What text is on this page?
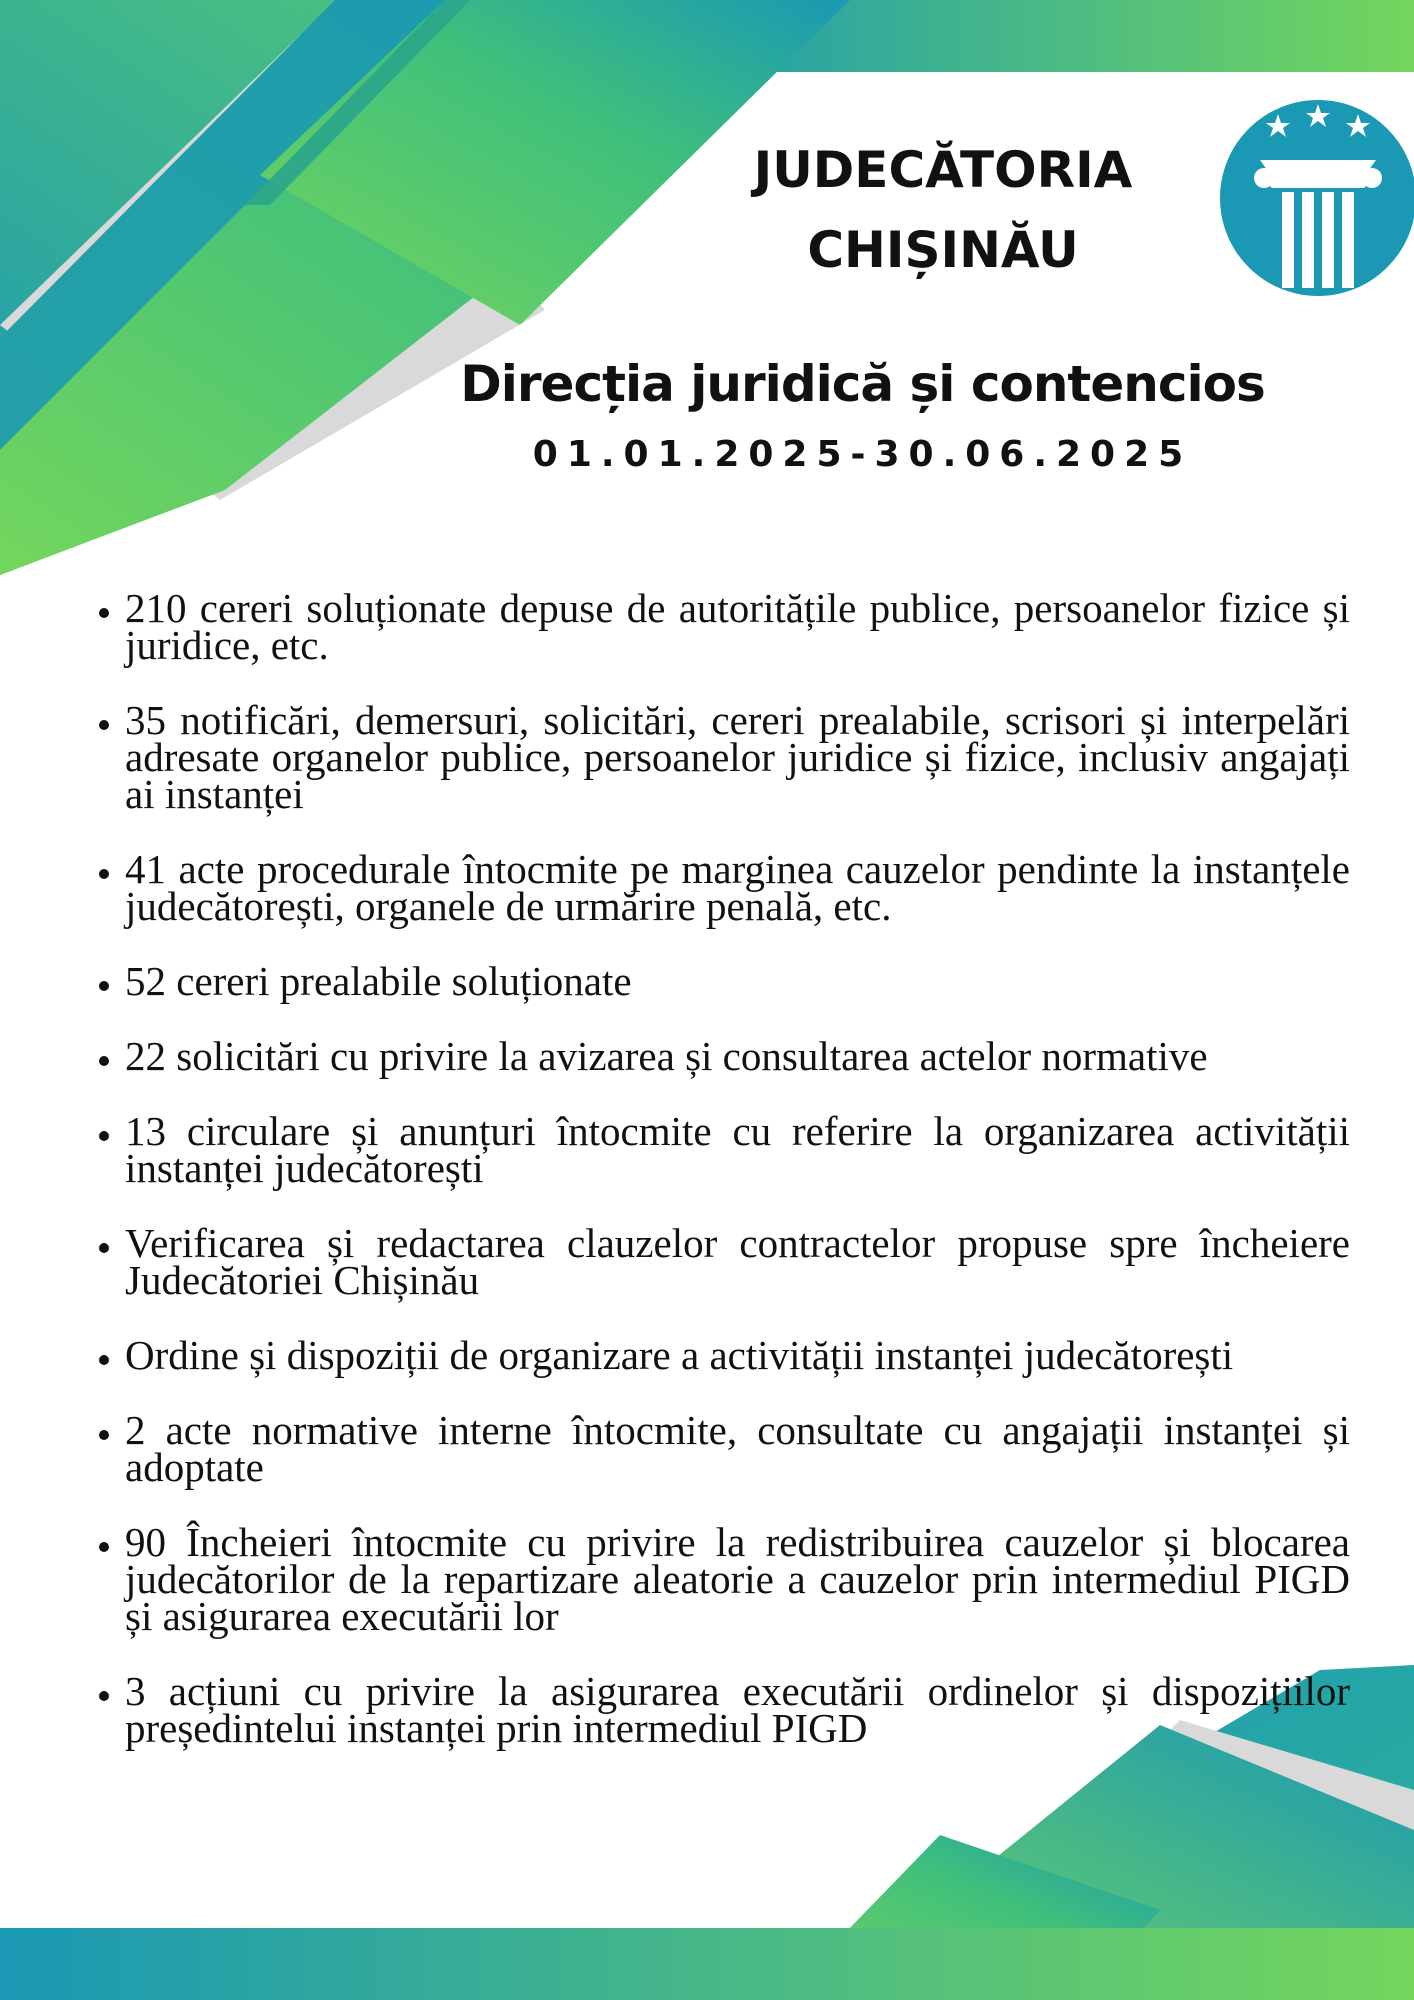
JUDECĂTORIA
CHIȘINĂU
Direcția juridică și contencios
01.01.2025-30.06.2025
• 210 cereri soluționate depuse de autoritățile publice, persoanelor fizice și juridice, etc.
• 35 notificări, demersuri, solicitări, cereri prealabile, scrisori și interpelări adresate organelor publice, persoanelor juridice și fizice, inclusiv angajați ai instanței
• 41 acte procedurale întocmite pe marginea cauzelor pendinte la instanțele judecătorești, organele de urmărire penală, etc.
• 52 cereri prealabile soluționate
• 22 solicitări cu privire la avizarea și consultarea actelor normative
• 13 circulare și anunțuri întocmite cu referire la organizarea activității instanței judecătorești
• Verificarea și redactarea clauzelor contractelor propuse spre încheiere Judecătoriei Chișinău
• Ordine și dispoziții de organizare a activității instanței judecătorești
• 2 acte normative interne întocmite, consultate cu angajații instanței și adoptate
• 90 Încheieri întocmite cu privire la redistribuirea cauzelor și blocarea judecătorilor de la repartizare aleatorie a cauzelor prin intermediul PIGD și asigurarea executării lor
• 3 acțiuni cu privire la asigurarea executării ordinelor și dispozițiilor președintelui instanței prin intermediul PIGD
